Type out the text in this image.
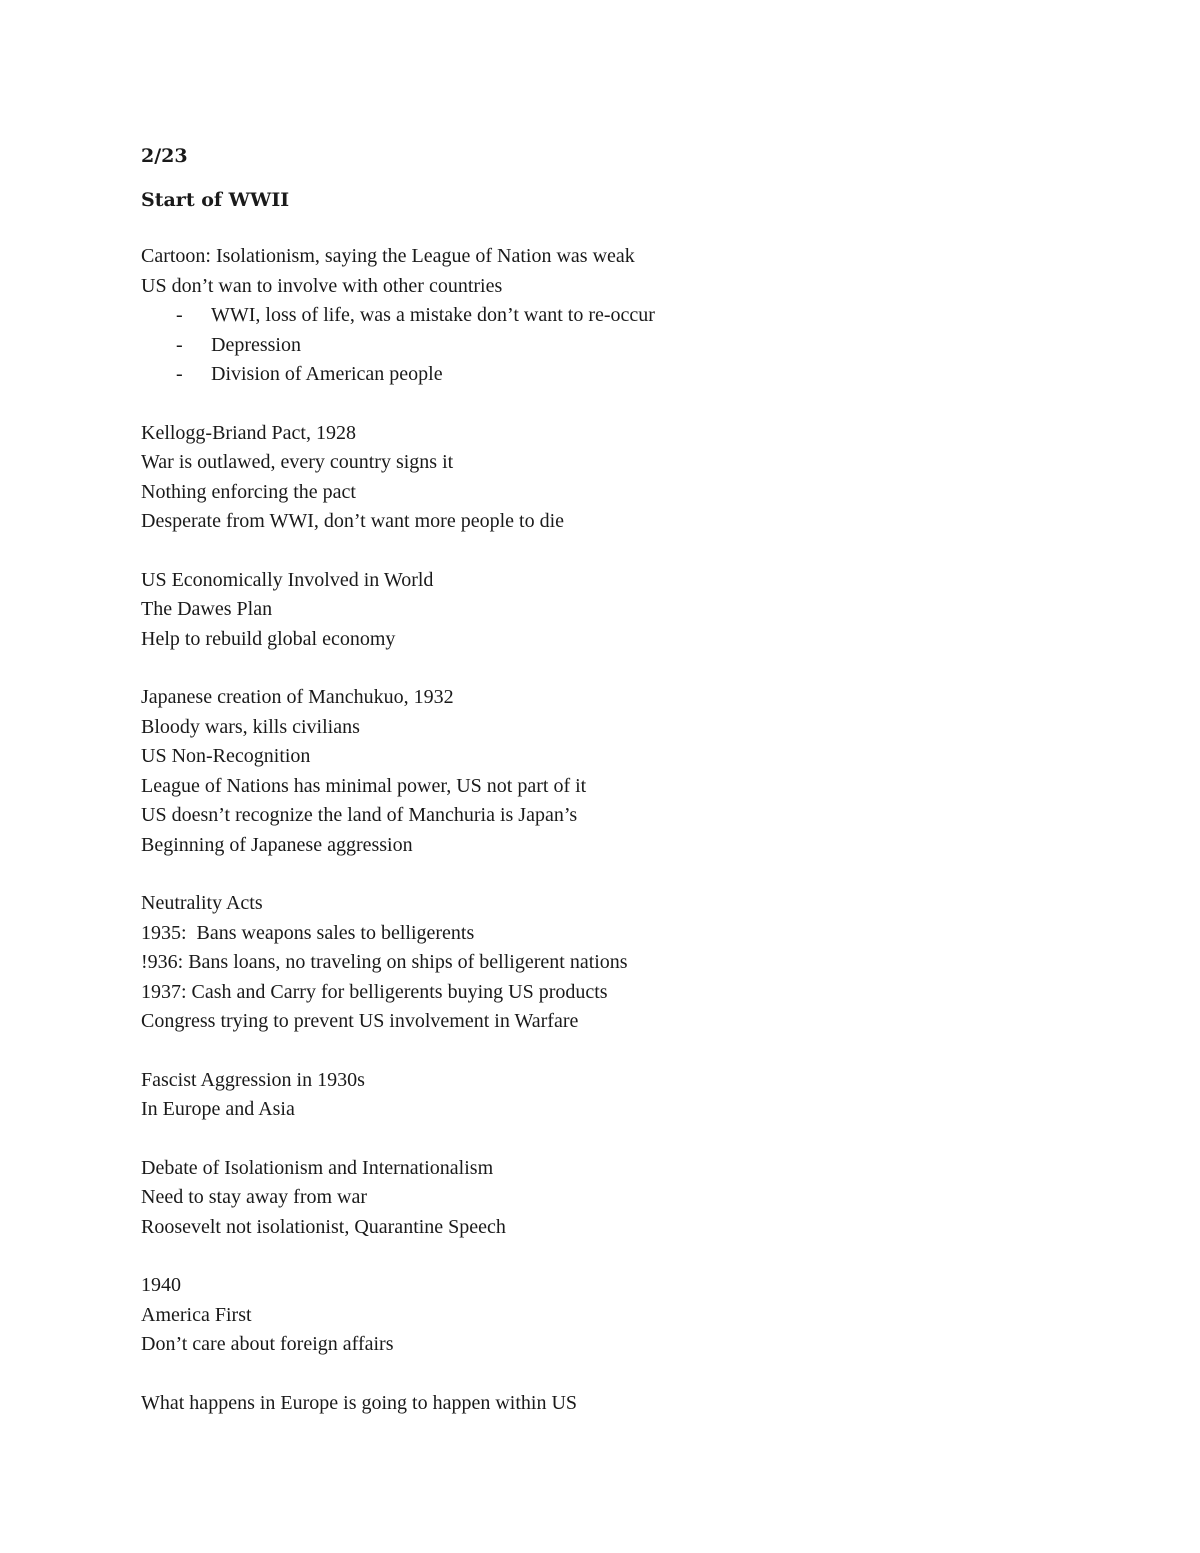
2/23
Start of WWII
Cartoon: Isolationism, saying the League of Nation was weak
US don’t wan to involve with other countries
- WWI, loss of life, was a mistake don’t want to re-occur
- Depression
- Division of American people
Kellogg-Briand Pact, 1928
War is outlawed, every country signs it
Nothing enforcing the pact
Desperate from WWI, don’t want more people to die
US Economically Involved in World
The Dawes Plan
Help to rebuild global economy
Japanese creation of Manchukuo, 1932
Bloody wars, kills civilians
US Non-Recognition
League of Nations has minimal power, US not part of it
US doesn’t recognize the land of Manchuria is Japan’s
Beginning of Japanese aggression
Neutrality Acts
1935:  Bans weapons sales to belligerents
!936: Bans loans, no traveling on ships of belligerent nations
1937: Cash and Carry for belligerents buying US products
Congress trying to prevent US involvement in Warfare
Fascist Aggression in 1930s
In Europe and Asia
Debate of Isolationism and Internationalism
Need to stay away from war
Roosevelt not isolationist, Quarantine Speech
1940
America First
Don’t care about foreign affairs
What happens in Europe is going to happen within US
